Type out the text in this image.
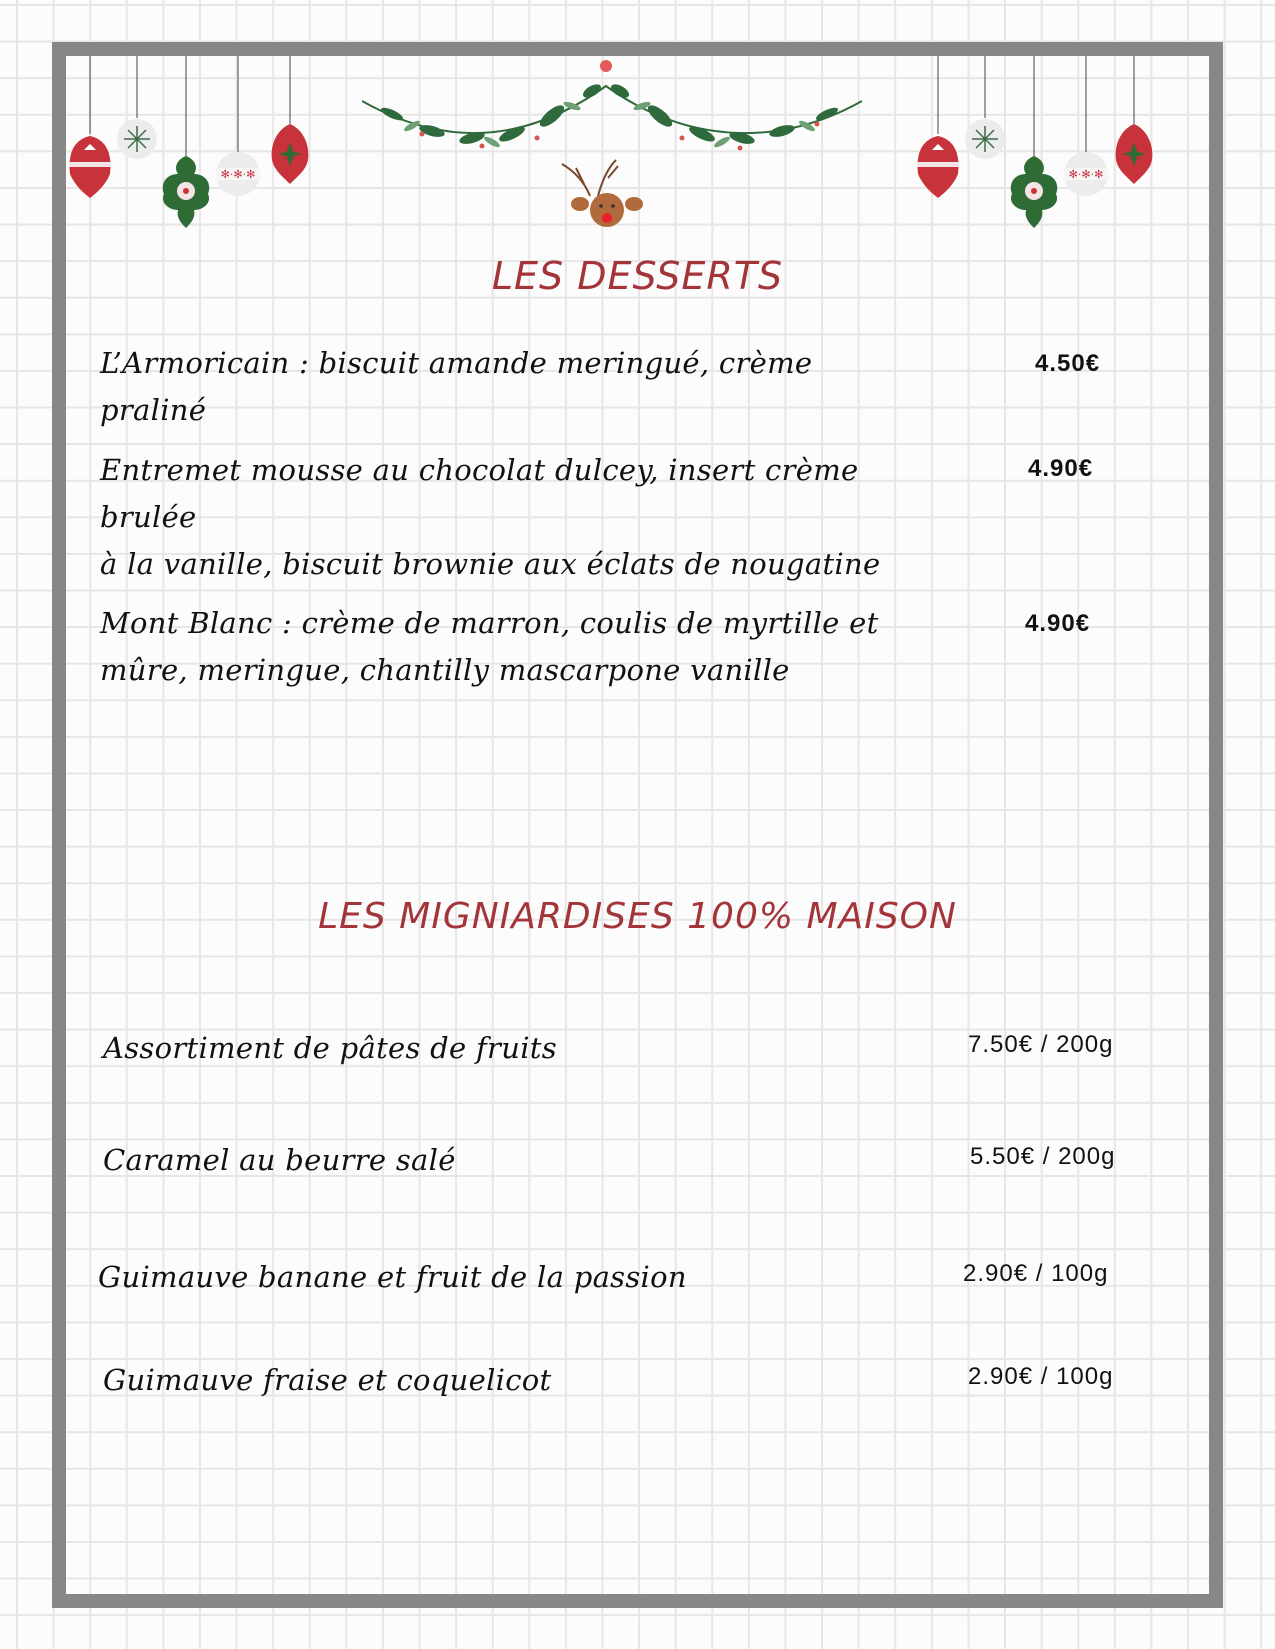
✻·✻·✻	✻·✻·✻
LES DESSERTS
L’Armoricain : biscuit amande meringué, crème praliné
4.50€
Entremet mousse au chocolat dulcey, insert crème brulée
à la vanille, biscuit brownie aux éclats de nougatine
4.90€
Mont Blanc : crème de marron, coulis de myrtille et
mûre, meringue, chantilly mascarpone vanille
4.90€
LES MIGNIARDISES 100% MAISON
Assortiment de pâtes de fruits	7.50€ / 200g
Caramel au beurre salé	5.50€ / 200g
Guimauve banane et fruit de la passion	2.90€ / 100g
Guimauve fraise et coquelicot	2.90€ / 100g
